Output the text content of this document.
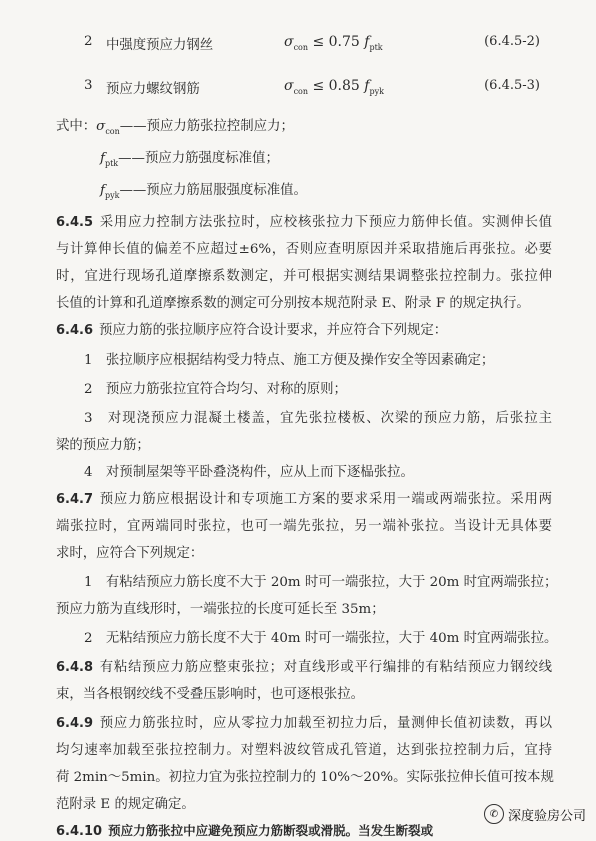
2 中强度预应力钢丝	$\sigma_{con} \le 0.75$ $f_{ptk}$	(6.4.5-2)
3 预应力螺纹钢筋	$\sigma_{con} \le 0.85$ $f_{pyk}$	(6.4.5-3)
式中：$\sigma_{con}——$预应力筋张拉控制应力；
$f_{ptk}——$预应力筋强度标准值；
$f_{pyk}——$预应力筋屈服强度标准值。
6.4.5 采用应力控制方法张拉时，应校核张拉力下预应力筋伸长值。实测伸长值
与计算伸长值的偏差不应超过±6%，否则应查明原因并采取措施后再张拉。必要
时，宜进行现场孔道摩擦系数测定，并可根据实测结果调整张拉控制力。张拉伸
长值的计算和孔道摩擦系数的测定可分别按本规范附录 E、附录 F 的规定执行。
6.4.6 预应力筋的张拉顺序应符合设计要求，并应符合下列规定：
1　张拉顺序应根据结构受力特点、施工方便及操作安全等因素确定；
2　预应力筋张拉宜符合均匀、对称的原则；
3　对现浇预应力混凝土楼盖，宜先张拉楼板、次梁的预应力筋，后张拉主
梁的预应力筋；
4　对预制屋架等平卧叠浇构件，应从上而下逐榀张拉。
6.4.7 预应力筋应根据设计和专项施工方案的要求采用一端或两端张拉。采用两
端张拉时，宜两端同时张拉，也可一端先张拉，另一端补张拉。当设计无具体要
求时，应符合下列规定：
1　有粘结预应力筋长度不大于 20m 时可一端张拉，大于 20m 时宜两端张拉；
预应力筋为直线形时，一端张拉的长度可延长至 35m；
2　无粘结预应力筋长度不大于 40m 时可一端张拉，大于 40m 时宜两端张拉。
6.4.8 有粘结预应力筋应整束张拉；对直线形或平行编排的有粘结预应力钢绞线
束，当各根钢绞线不受叠压影响时，也可逐根张拉。
6.4.9 预应力筋张拉时，应从零拉力加载至初拉力后，量测伸长值初读数，再以
均匀速率加载至张拉控制力。对塑料波纹管成孔管道，达到张拉控制力后，宜持
荷 2min～5min。初拉力宜为张拉控制力的 10%～20%。实际张拉伸长值可按本规
范附录 E 的规定确定。
6.4.10 预应力筋张拉中应避免预应力筋断裂或滑脱。当发生断裂或
✆ 深度验房公司
